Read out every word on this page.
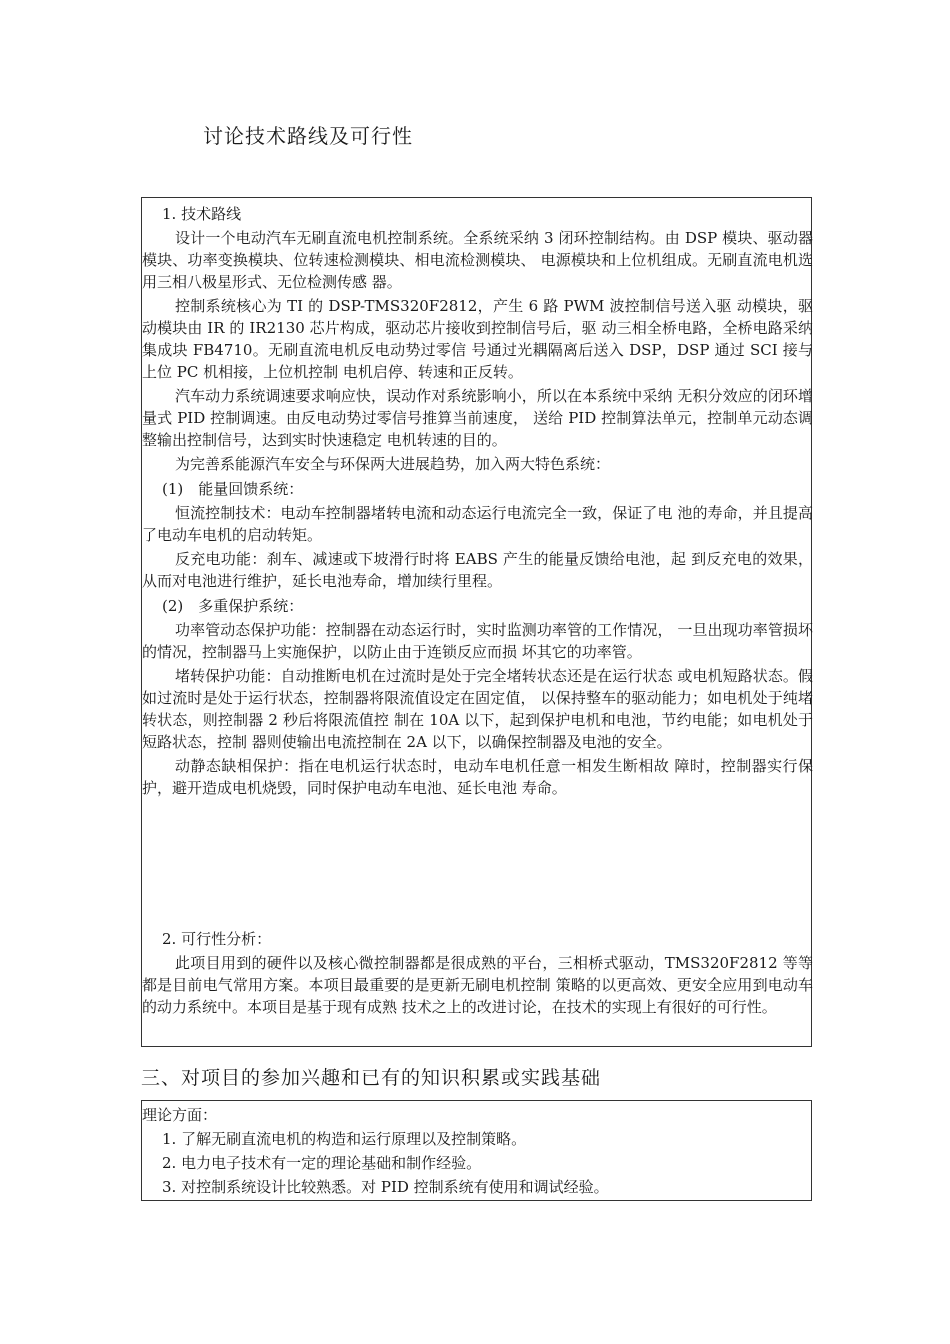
讨论技术路线及可行性

1. 技术路线

设计一个电动汽车无刷直流电机控制系统。全系统采纳 3 闭环控制结构。由 DSP 模块、驱动器模块、功率变换模块、位转速检测模块、相电流检测模块、 电源模块和上位机组成。无刷直流电机选用三相八极星形式、无位检测传感 器。

控制系统核心为 TI 的 DSP-TMS320F2812，产生 6 路 PWM 波控制信号送入驱 动模块，驱动模块由 IR 的 IR2130 芯片构成，驱动芯片接收到控制信号后，驱 动三相全桥电路，全桥电路采纳集成块 FB4710。无刷直流电机反电动势过零信 号通过光耦隔离后送入 DSP，DSP 通过 SCI 接与上位 PC 机相接，上位机控制 电机启停、转速和正反转。

汽车动力系统调速要求响应快，误动作对系统影响小，所以在本系统中采纳 无积分效应的闭环增量式 PID 控制调速。由反电动势过零信号推算当前速度， 送给 PID 控制算法单元，控制单元动态调整输出控制信号，达到实时快速稳定 电机转速的目的。

为完善系能源汽车安全与环保两大进展趋势，加入两大特色系统：

(1)　能量回馈系统：

恒流控制技术：电动车控制器堵转电流和动态运行电流完全一致，保证了电 池的寿命，并且提高了电动车电机的启动转矩。

反充电功能：刹车、减速或下坡滑行时将 EABS 产生的能量反馈给电池，起 到反充电的效果，从而对电池进行维护，延长电池寿命，增加续行里程。

(2)　多重保护系统：

功率管动态保护功能：控制器在动态运行时，实时监测功率管的工作情况， 一旦出现功率管损坏的情况，控制器马上实施保护，以防止由于连锁反应而损 坏其它的功率管。

堵转保护功能：自动推断电机在过流时是处于完全堵转状态还是在运行状态 或电机短路状态。假如过流时是处于运行状态，控制器将限流值设定在固定值， 以保持整车的驱动能力；如电机处于纯堵转状态，则控制器 2 秒后将限流值控 制在 10A 以下，起到保护电机和电池，节约电能；如电机处于短路状态，控制 器则使输出电流控制在 2A 以下，以确保控制器及电池的安全。

动静态缺相保护：指在电机运行状态时，电动车电机任意一相发生断相故 障时，控制器实行保护，避开造成电机烧毁，同时保护电动车电池、延长电池 寿命。

2. 可行性分析：

此项目用到的硬件以及核心微控制器都是很成熟的平台，三相桥式驱动，TMS320F2812 等等都是目前电气常用方案。本项目最重要的是更新无刷电机控制 策略的以更高效、更安全应用到电动车的动力系统中。本项目是基于现有成熟 技术之上的改进讨论，在技术的实现上有很好的可行性。

三、对项目的参加兴趣和已有的知识积累或实践基础

理论方面：

1. 了解无刷直流电机的构造和运行原理以及控制策略。

2. 电力电子技术有一定的理论基础和制作经验。

3. 对控制系统设计比较熟悉。对 PID 控制系统有使用和调试经验。
